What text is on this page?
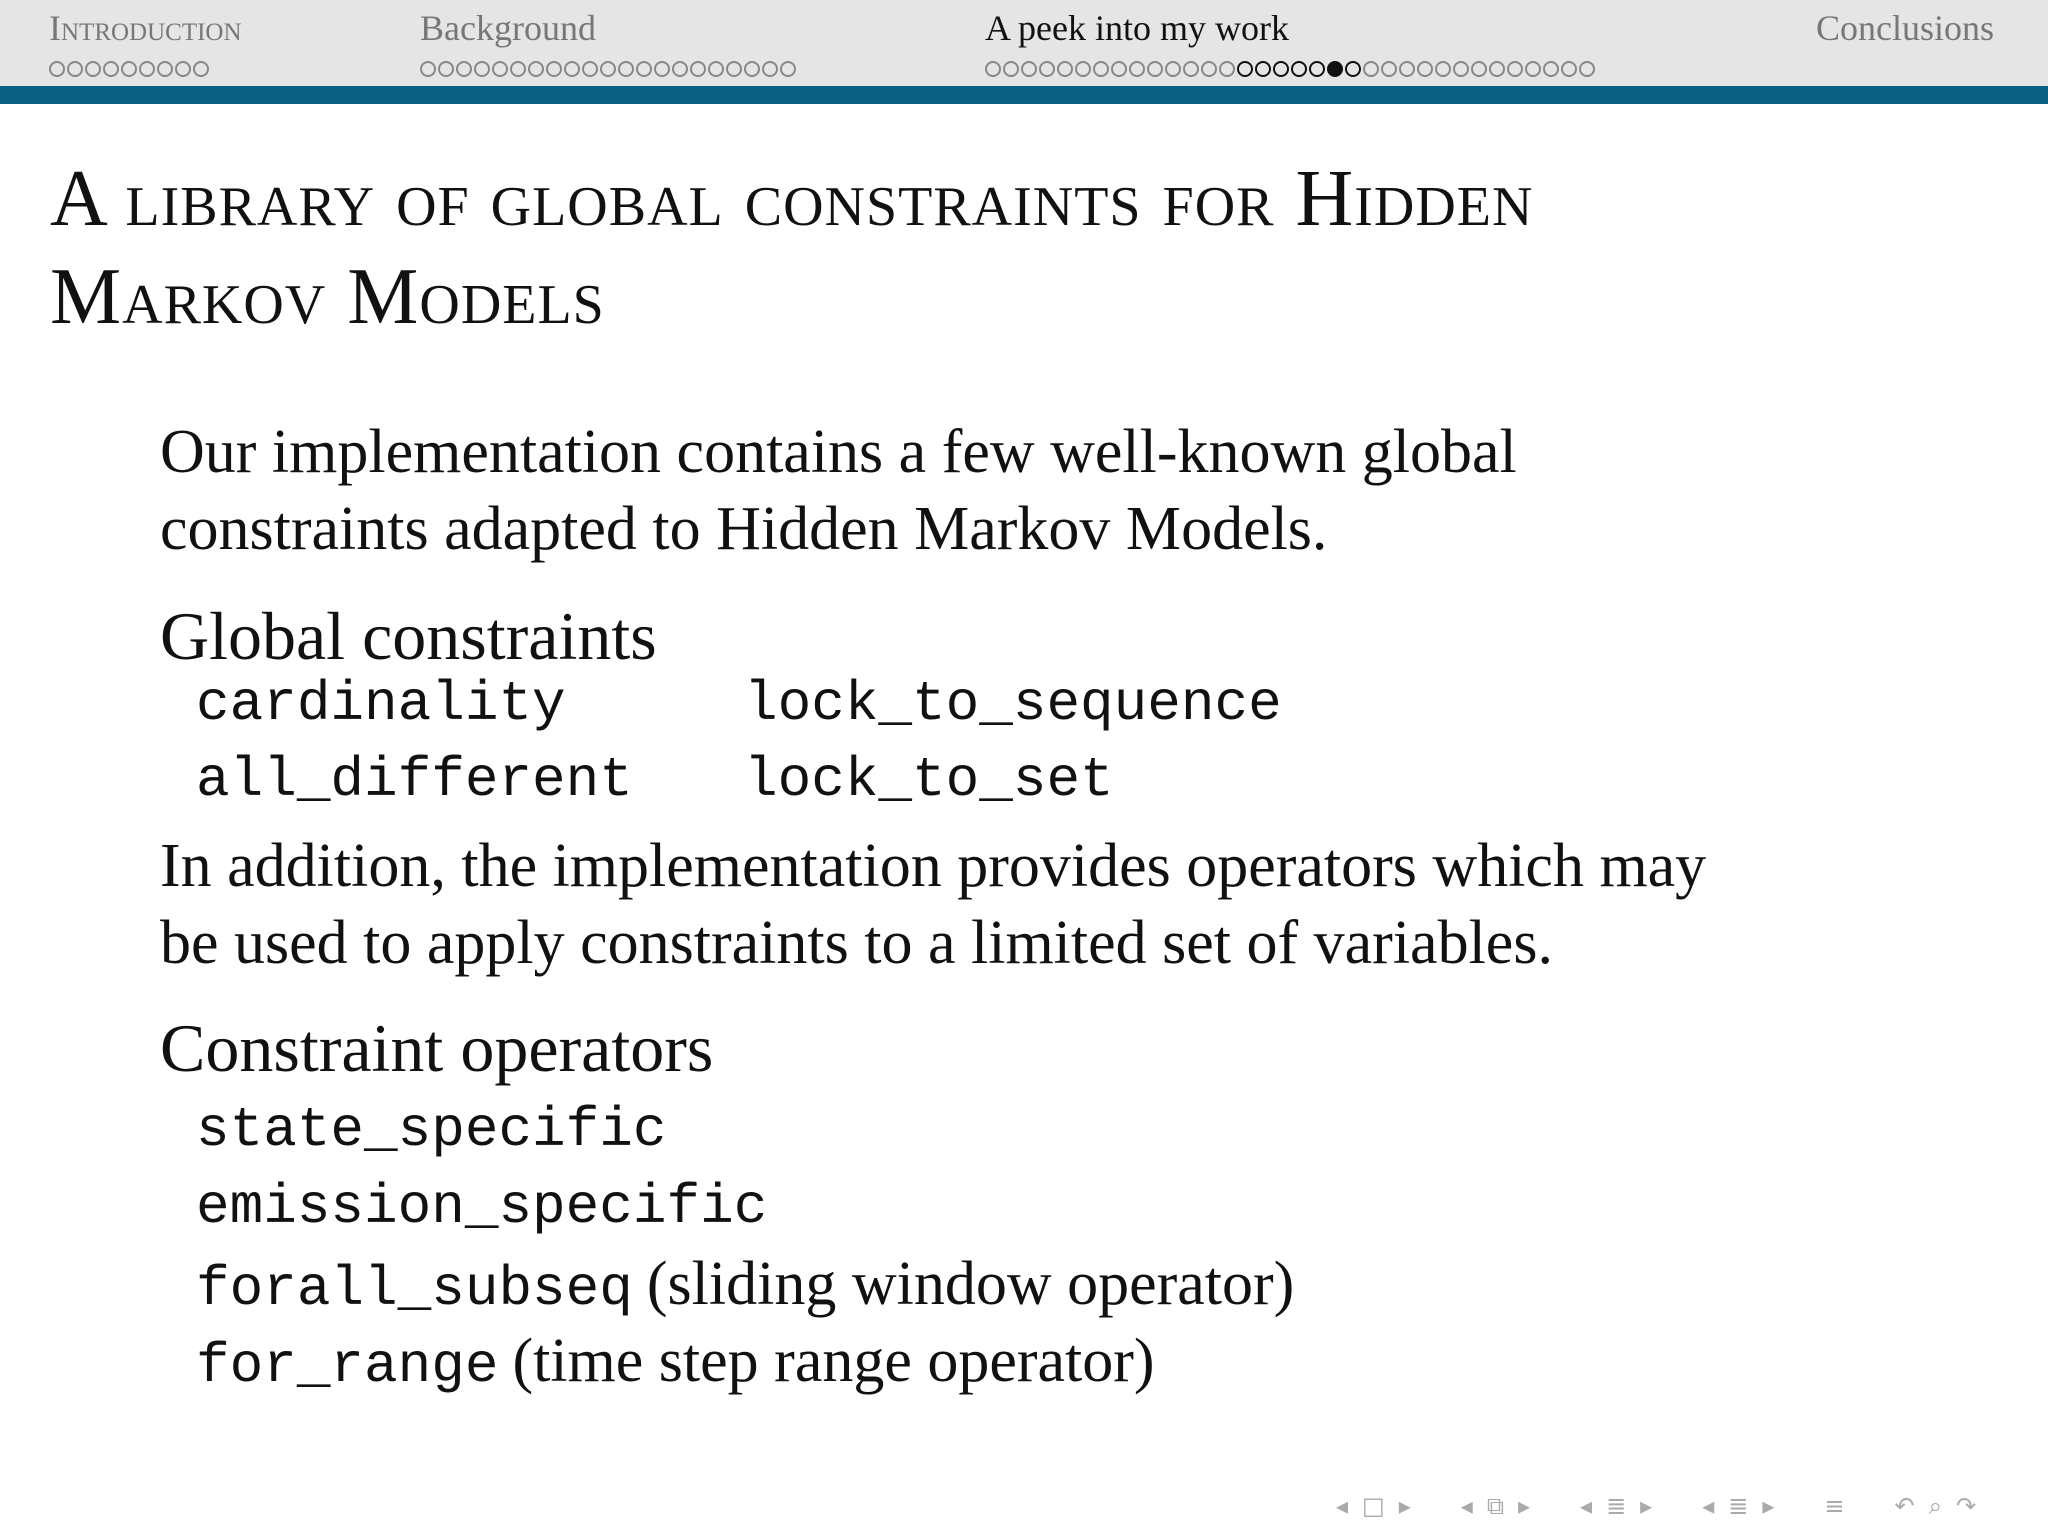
Introduction	Background	A peek into my work	Conclusions
A library of global constraints for Hidden
Markov Models
Our implementation contains a few well-known global
constraints adapted to Hidden Markov Models.
Global constraints
cardinality	lock_to_sequence
all_different	lock_to_set
In addition, the implementation provides operators which may
be used to apply constraints to a limited set of variables.
Constraint operators
state_specific
emission_specific
forall_subseq (sliding window operator)
for_range (time step range operator)
◂ □ ▸ ◂ ⧉ ▸ ◂ ≣ ▸ ◂ ≣ ▸ ≡ ↶ ⌕ ↷
